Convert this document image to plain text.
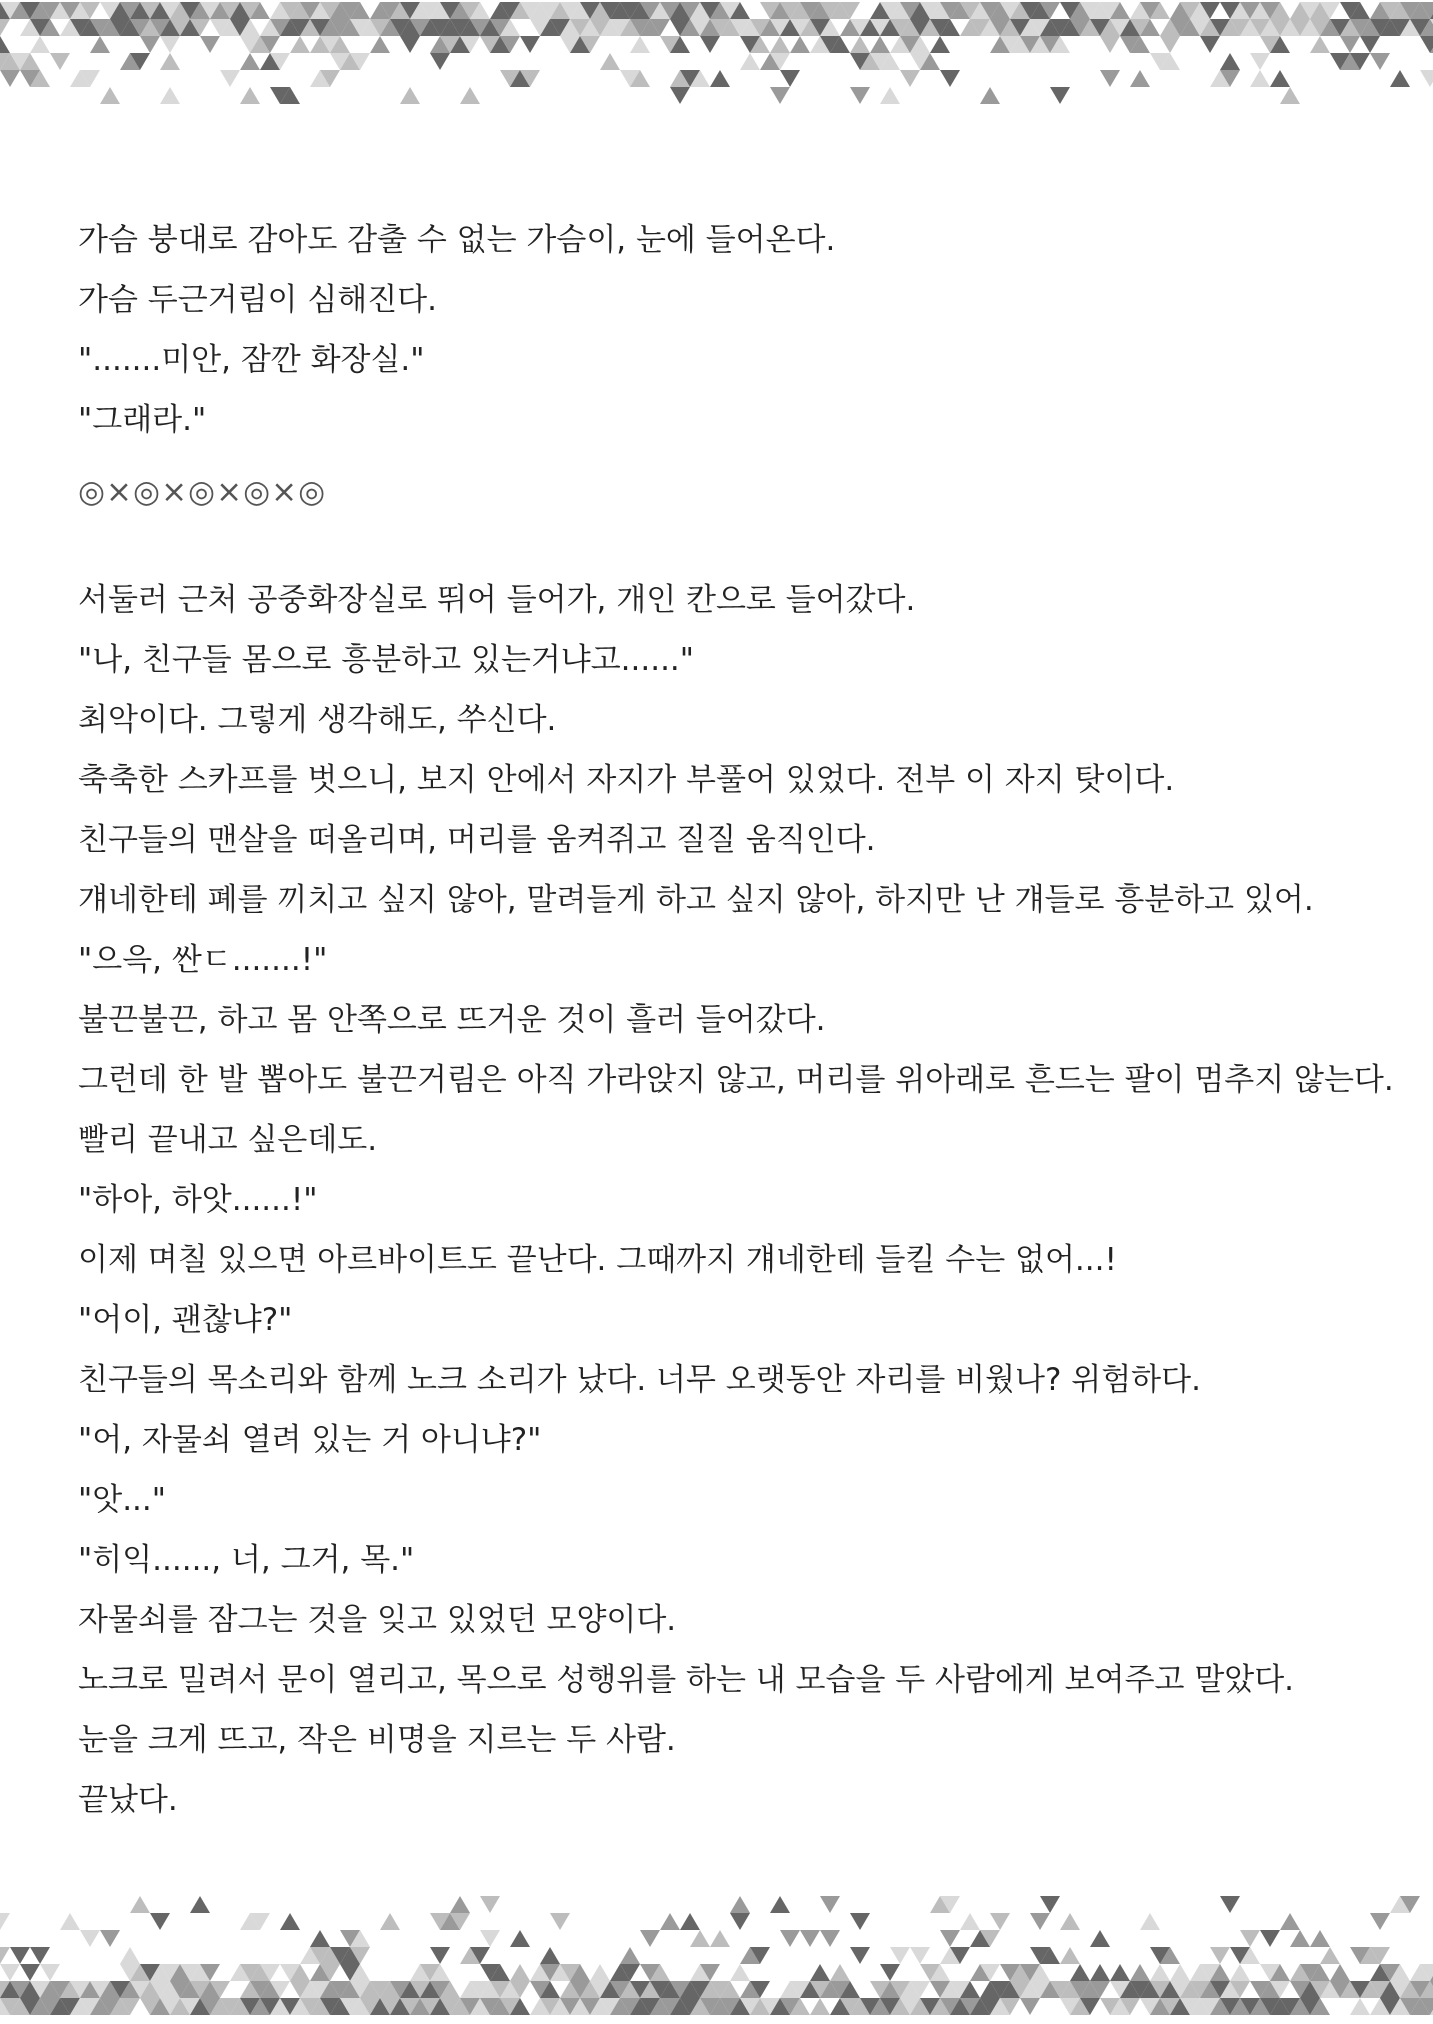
가슴 붕대로 감아도 감출 수 없는 가슴이, 눈에 들어온다.
가슴 두근거림이 심해진다.
".......미안, 잠깐 화장실."
"그래라."
◎×◎×◎×◎×◎
서둘러 근처 공중화장실로 뛰어 들어가, 개인 칸으로 들어갔다.
"나, 친구들 몸으로 흥분하고 있는거냐고......"
최악이다. 그렇게 생각해도, 쑤신다.
축축한 스카프를 벗으니, 보지 안에서 자지가 부풀어 있었다. 전부 이 자지 탓이다.
친구들의 맨살을 떠올리며, 머리를 움켜쥐고 질질 움직인다.
걔네한테 폐를 끼치고 싶지 않아, 말려들게 하고 싶지 않아, 하지만 난 걔들로 흥분하고 있어.
"으윽, 싼ㄷ.......!"
불끈불끈, 하고 몸 안쪽으로 뜨거운 것이 흘러 들어갔다.
그런데 한 발 뽑아도 불끈거림은 아직 가라앉지 않고, 머리를 위아래로 흔드는 팔이 멈추지 않는다.
빨리 끝내고 싶은데도.
"하아, 하앗......!"
이제 며칠 있으면 아르바이트도 끝난다. 그때까지 걔네한테 들킬 수는 없어...!
"어이, 괜찮냐?"
친구들의 목소리와 함께 노크 소리가 났다. 너무 오랫동안 자리를 비웠나? 위험하다.
"어, 자물쇠 열려 있는 거 아니냐?"
"앗..."
"히익......, 너, 그거, 목."
자물쇠를 잠그는 것을 잊고 있었던 모양이다.
노크로 밀려서 문이 열리고, 목으로 성행위를 하는 내 모습을 두 사람에게 보여주고 말았다.
눈을 크게 뜨고, 작은 비명을 지르는 두 사람.
끝났다.
